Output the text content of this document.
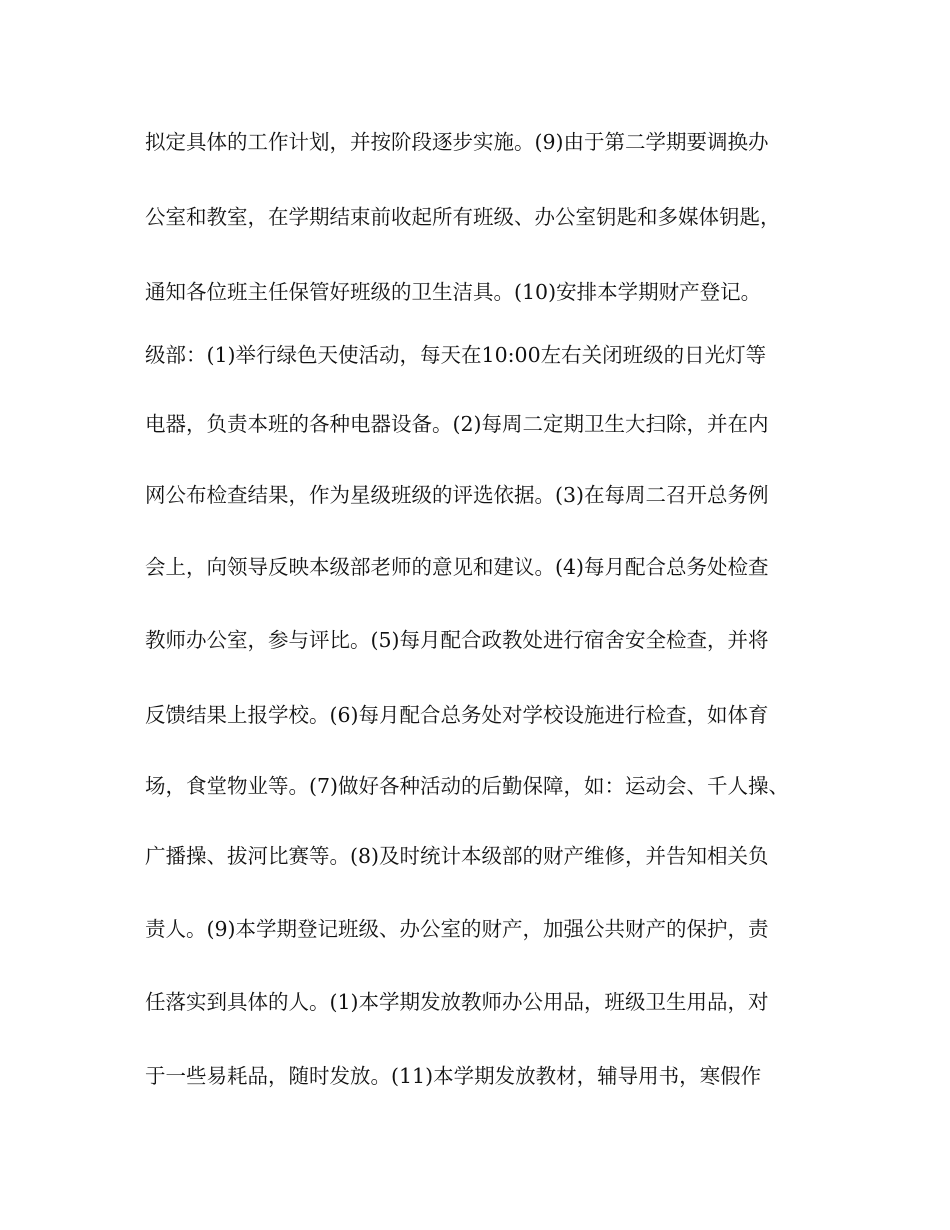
拟定具体的工作计划，并按阶段逐步实施。(9)由于第二学期要调换办

公室和教室，在学期结束前收起所有班级、办公室钥匙和多媒体钥匙，

通知各位班主任保管好班级的卫生洁具。(10)安排本学期财产登记。

级部：(1)举行绿色天使活动，每天在10:00左右关闭班级的日光灯等

电器，负责本班的各种电器设备。(2)每周二定期卫生大扫除，并在内

网公布检查结果，作为星级班级的评选依据。(3)在每周二召开总务例

会上，向领导反映本级部老师的意见和建议。(4)每月配合总务处检查

教师办公室，参与评比。(5)每月配合政教处进行宿舍安全检查，并将

反馈结果上报学校。(6)每月配合总务处对学校设施进行检查，如体育

场，食堂物业等。(7)做好各种活动的后勤保障，如：运动会、千人操、

广播操、拔河比赛等。(8)及时统计本级部的财产维修，并告知相关负

责人。(9)本学期登记班级、办公室的财产，加强公共财产的保护，责

任落实到具体的人。(1)本学期发放教师办公用品，班级卫生用品，对

于一些易耗品，随时发放。(11)本学期发放教材，辅导用书，寒假作
